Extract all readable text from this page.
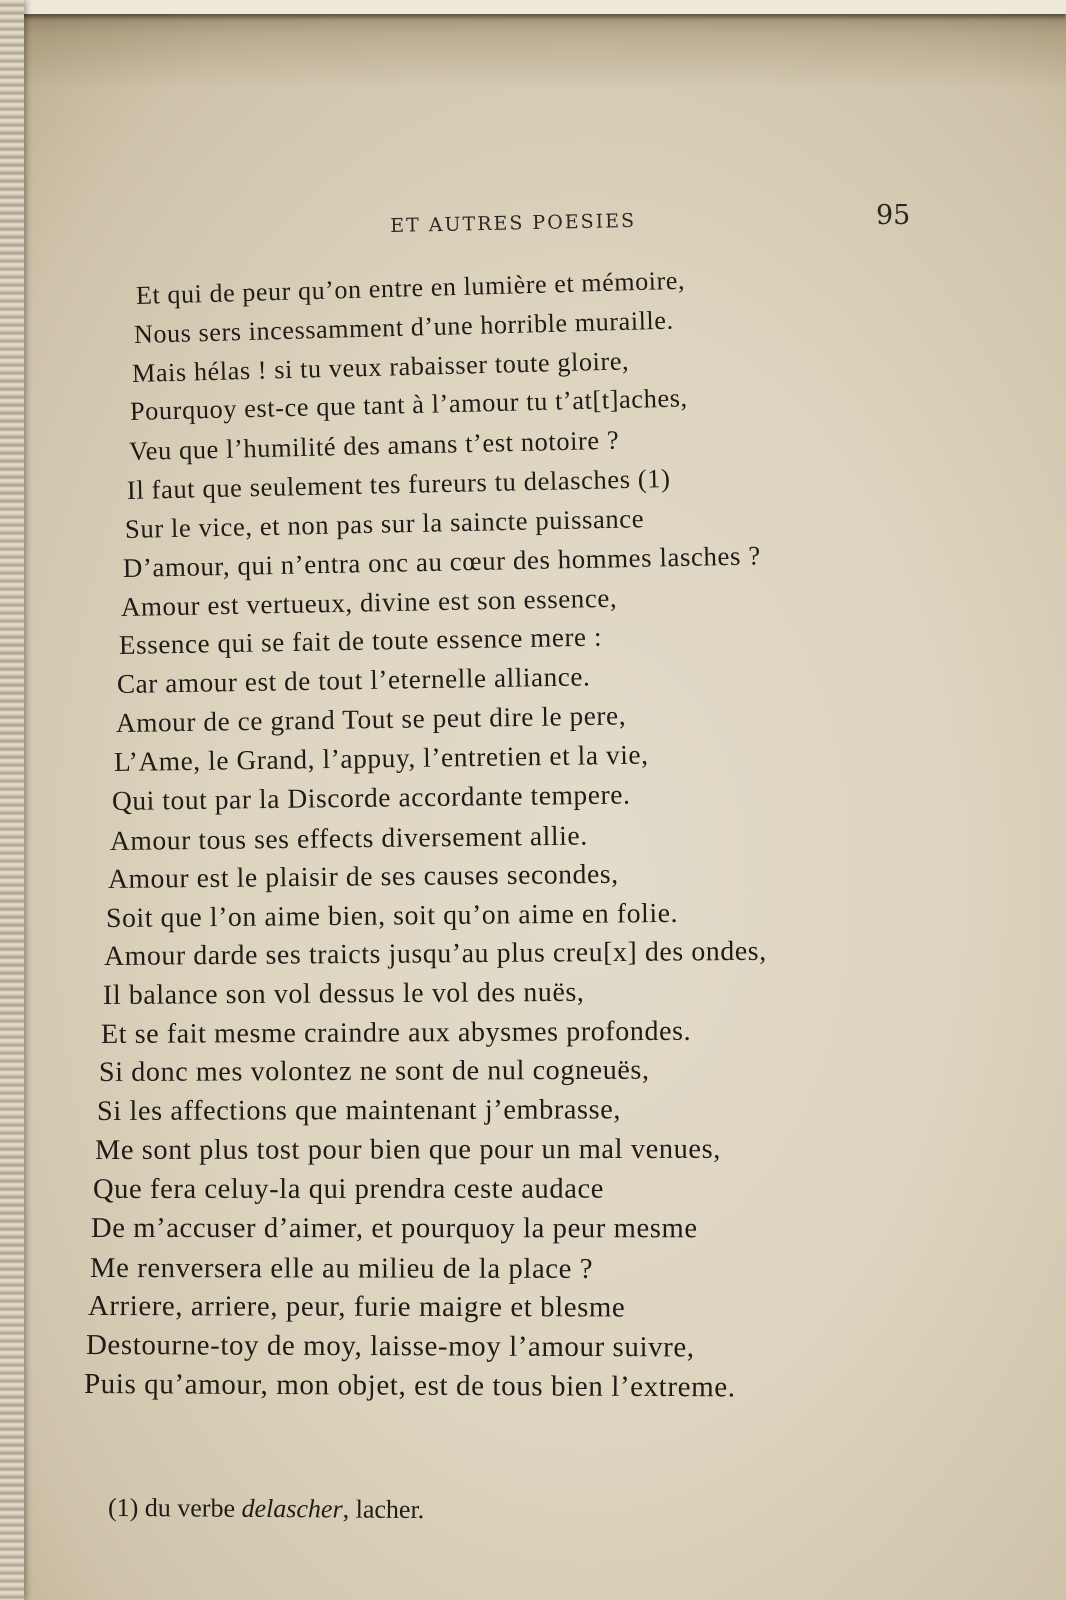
ET AUTRES POESIES	95
Et qui de peur qu’on entre en lumière et mémoire,
Nous sers incessamment d’une horrible muraille.
Mais hélas ! si tu veux rabaisser toute gloire,
Pourquoy est-ce que tant à l’amour tu t’at[t]aches,
Veu que l’humilité des amans t’est notoire ?
Il faut que seulement tes fureurs tu delasches (1)
Sur le vice, et non pas sur la saincte puissance
D’amour, qui n’entra onc au cœur des hommes lasches ?
Amour est vertueux, divine est son essence,
Essence qui se fait de toute essence mere :
Car amour est de tout l’eternelle alliance.
Amour de ce grand Tout se peut dire le pere,
L’Ame, le Grand, l’appuy, l’entretien et la vie,
Qui tout par la Discorde accordante tempere.
Amour tous ses effects diversement allie.
Amour est le plaisir de ses causes secondes,
Soit que l’on aime bien, soit qu’on aime en folie.
Amour darde ses traicts jusqu’au plus creu[x] des ondes,
Il balance son vol dessus le vol des nuës,
Et se fait mesme craindre aux abysmes profondes.
Si donc mes volontez ne sont de nul cogneuës,
Si les affections que maintenant j’embrasse,
Me sont plus tost pour bien que pour un mal venues,
Que fera celuy-la qui prendra ceste audace
De m’accuser d’aimer, et pourquoy la peur mesme
Me renversera elle au milieu de la place ?
Arriere, arriere, peur, furie maigre et blesme
Destourne-toy de moy, laisse-moy l’amour suivre,
Puis qu’amour, mon objet, est de tous bien l’extreme.
(1) du verbe delascher, lacher.
